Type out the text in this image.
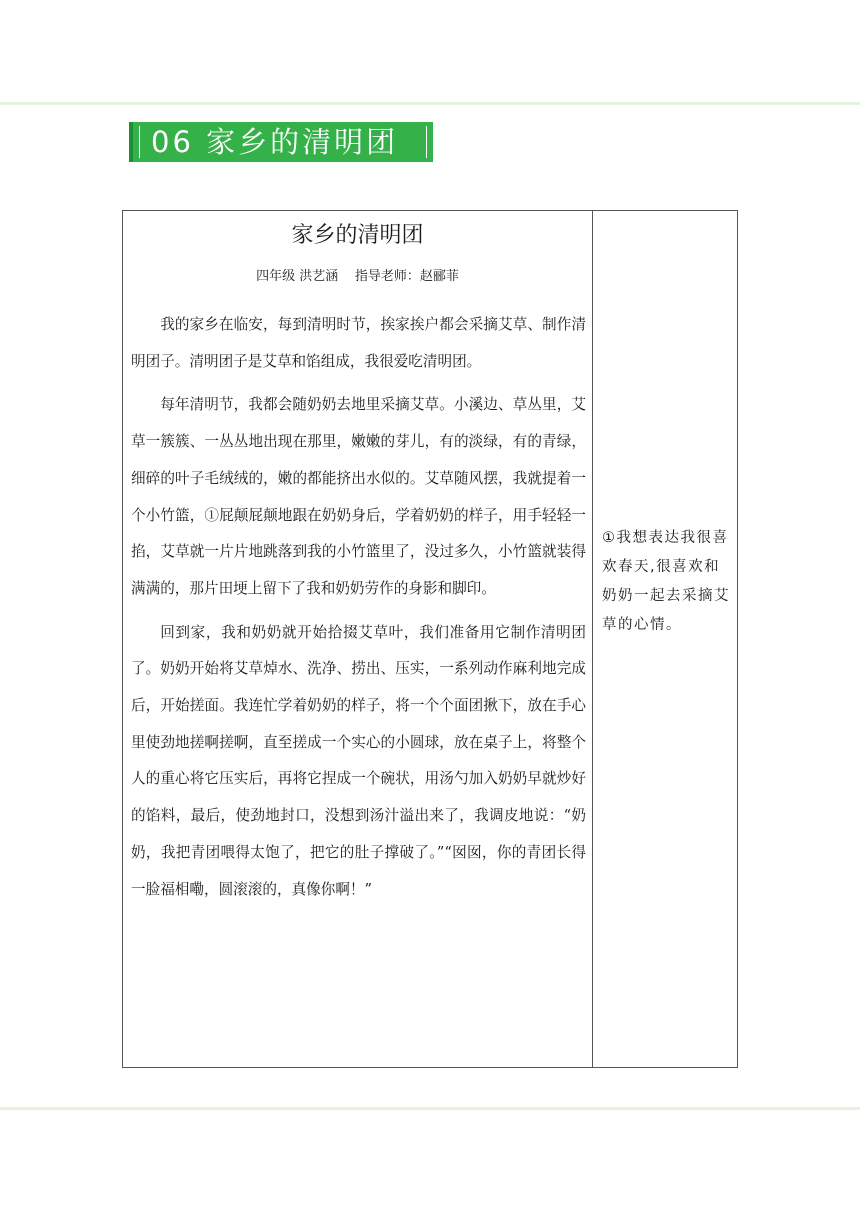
06 家乡的清明团
家乡的清明团
四年级 洪艺涵    指导老师：赵郦菲

我的家乡在临安，每到清明时节，挨家挨户都会采摘艾草、制作清明团子。清明团子是艾草和馅组成，我很爱吃清明团。

每年清明节，我都会随奶奶去地里采摘艾草。小溪边、草丛里，艾草一簇簇、一丛丛地出现在那里，嫩嫩的芽儿，有的淡绿，有的青绿，细碎的叶子毛绒绒的，嫩的都能挤出水似的。艾草随风摆，我就提着一个小竹篮，①屁颠屁颠地跟在奶奶身后，学着奶奶的样子，用手轻轻一掐，艾草就一片片地跳落到我的小竹篮里了，没过多久，小竹篮就装得满满的，那片田埂上留下了我和奶奶劳作的身影和脚印。

回到家，我和奶奶就开始拾掇艾草叶，我们准备用它制作清明团了。奶奶开始将艾草焯水、洗净、捞出、压实，一系列动作麻利地完成后，开始搓面。我连忙学着奶奶的样子，将一个个面团揪下，放在手心里使劲地搓啊搓啊，直至搓成一个实心的小圆球，放在桌子上，将整个人的重心将它压实后，再将它捏成一个碗状，用汤勺加入奶奶早就炒好的馅料，最后，使劲地封口，没想到汤汁溢出来了，我调皮地说：“奶奶，我把青团喂得太饱了，把它的肚子撑破了。”“囡囡，你的青团长得一脸福相嘞，圆滚滚的，真像你啊！”

①我想表达我很喜欢春天,很喜欢和奶奶一起去采摘艾草的心情。
